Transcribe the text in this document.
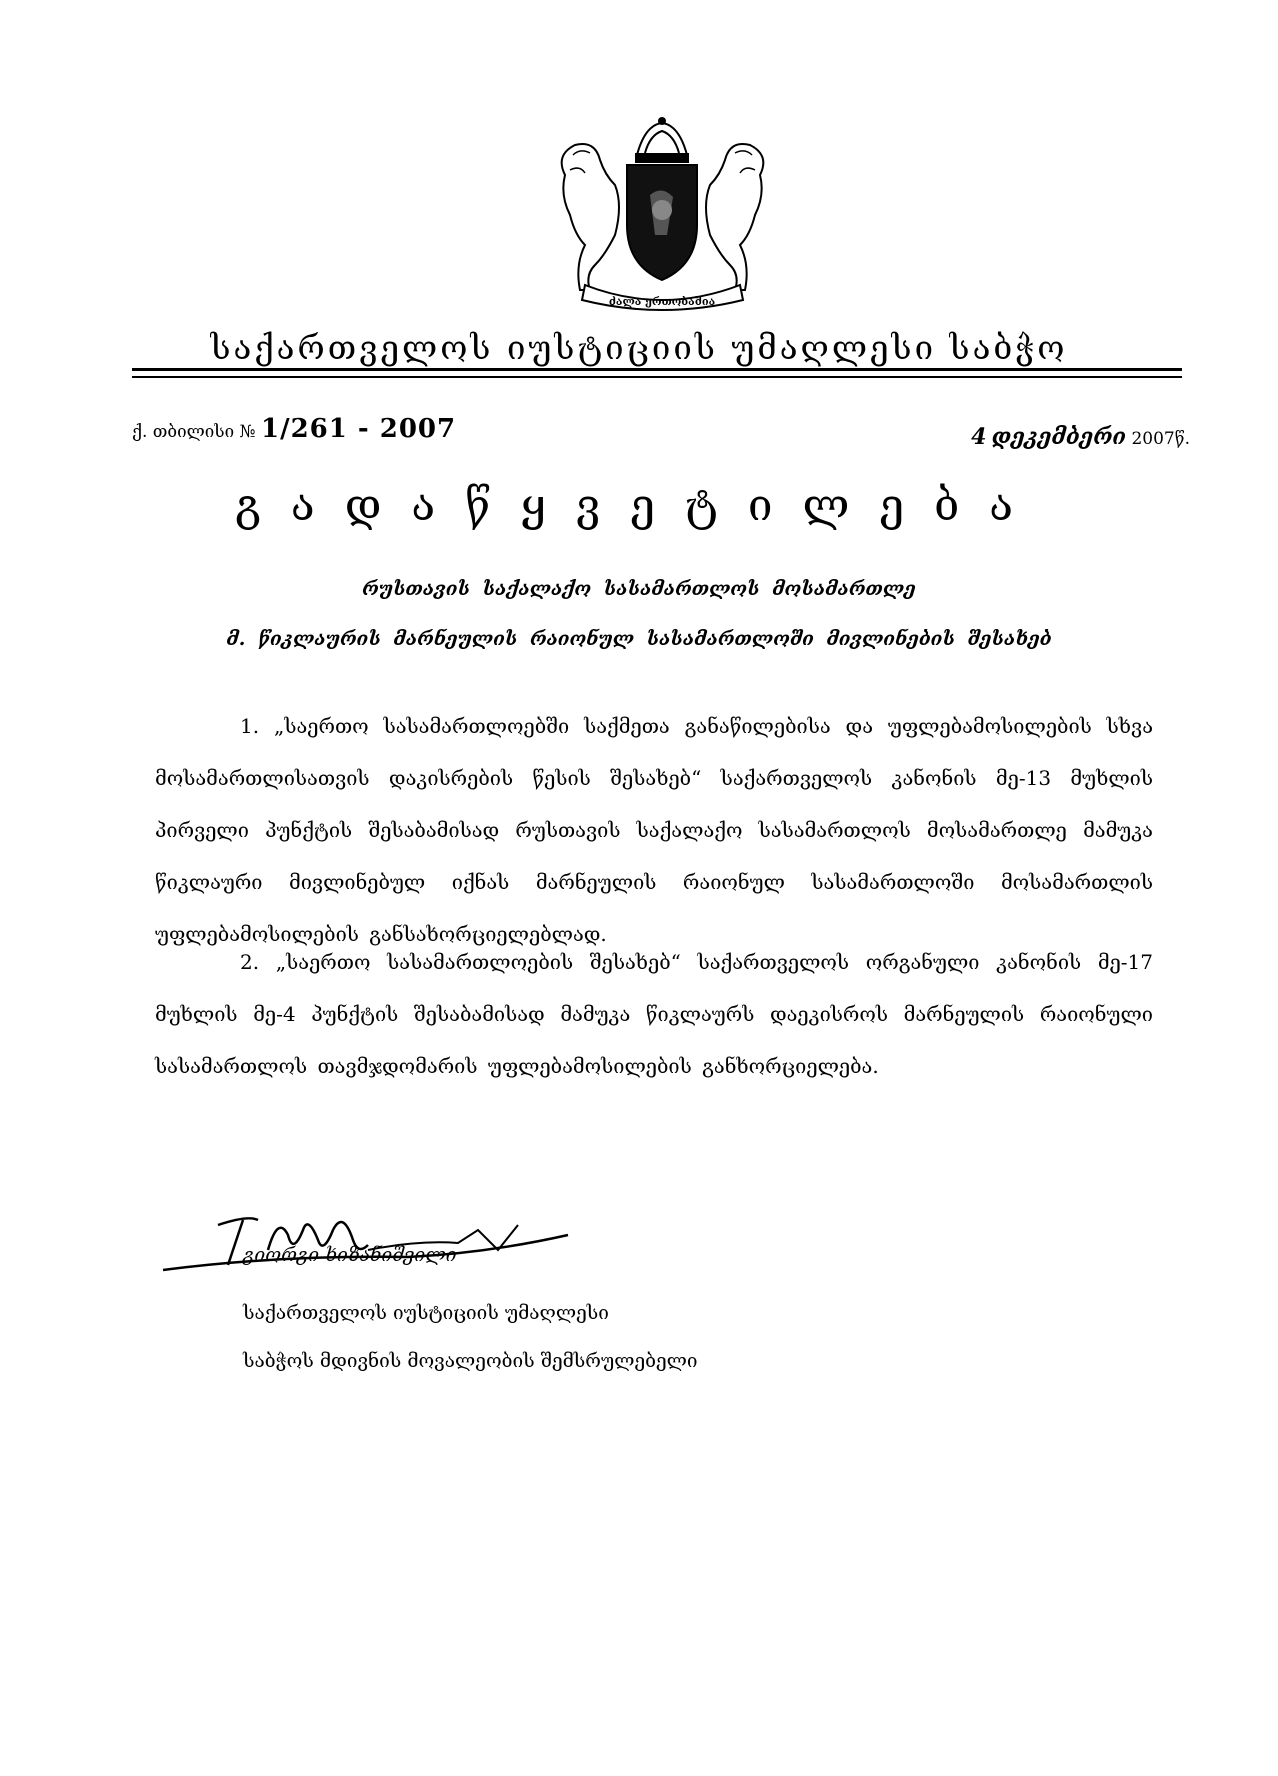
ძალა ერთობაშია
საქართველოს იუსტიციის უმაღლესი საბჭო
ქ. თბილისი № 1/261 - 2007	4 დეკემბერი 2007წ.
გადაწყვეტილება
რუსთავის საქალაქო სასამართლოს მოსამართლე
მ. წიკლაურის მარნეულის რაიონულ სასამართლოში მივლინების შესახებ
1. „საერთო სასამართლოებში საქმეთა განაწილებისა და უფლებამოსილების სხვა მოსამართლისათვის დაკისრების წესის შესახებ“ საქართველოს კანონის მე-13 მუხლის პირველი პუნქტის შესაბამისად რუსთავის საქალაქო სასამართლოს მოსამართლე მამუკა წიკლაური მივლინებულ იქნას მარნეულის რაიონულ სასამართლოში მოსამართლის უფლებამოსილების განსახორციელებლად.
2. „საერთო სასამართლოების შესახებ“ საქართველოს ორგანული კანონის მე-17 მუხლის მე-4 პუნქტის შესაბამისად მამუკა წიკლაურს დაეკისროს მარნეულის რაიონული სასამართლოს თავმჯდომარის უფლებამოსილების განხორციელება.
გიორგი ხიზანიშვილი
საქართველოს იუსტიციის უმაღლესი
საბჭოს მდივნის მოვალეობის შემსრულებელი
